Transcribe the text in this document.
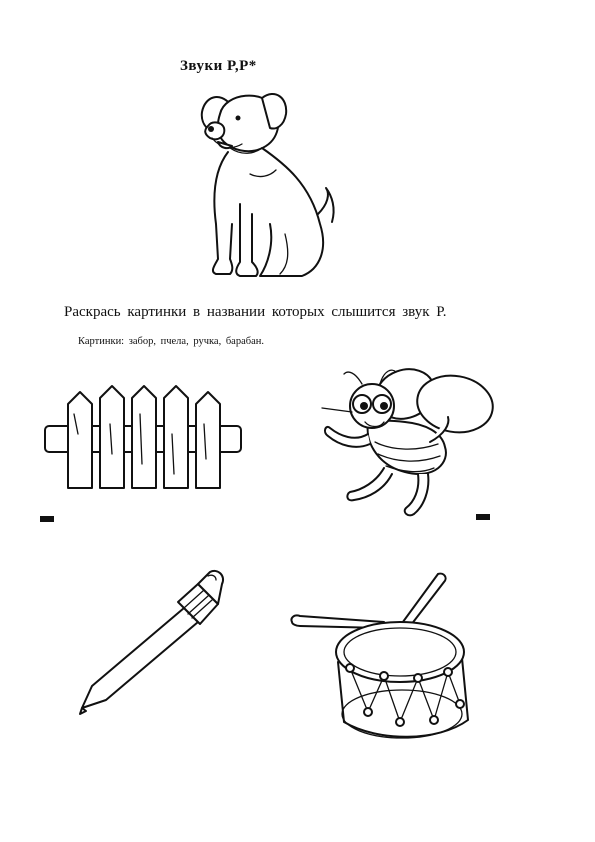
Звуки Р,Р*
Раскрась картинки в названии которых слышится звук Р.
Картинки: забор, пчела, ручка, барабан.
